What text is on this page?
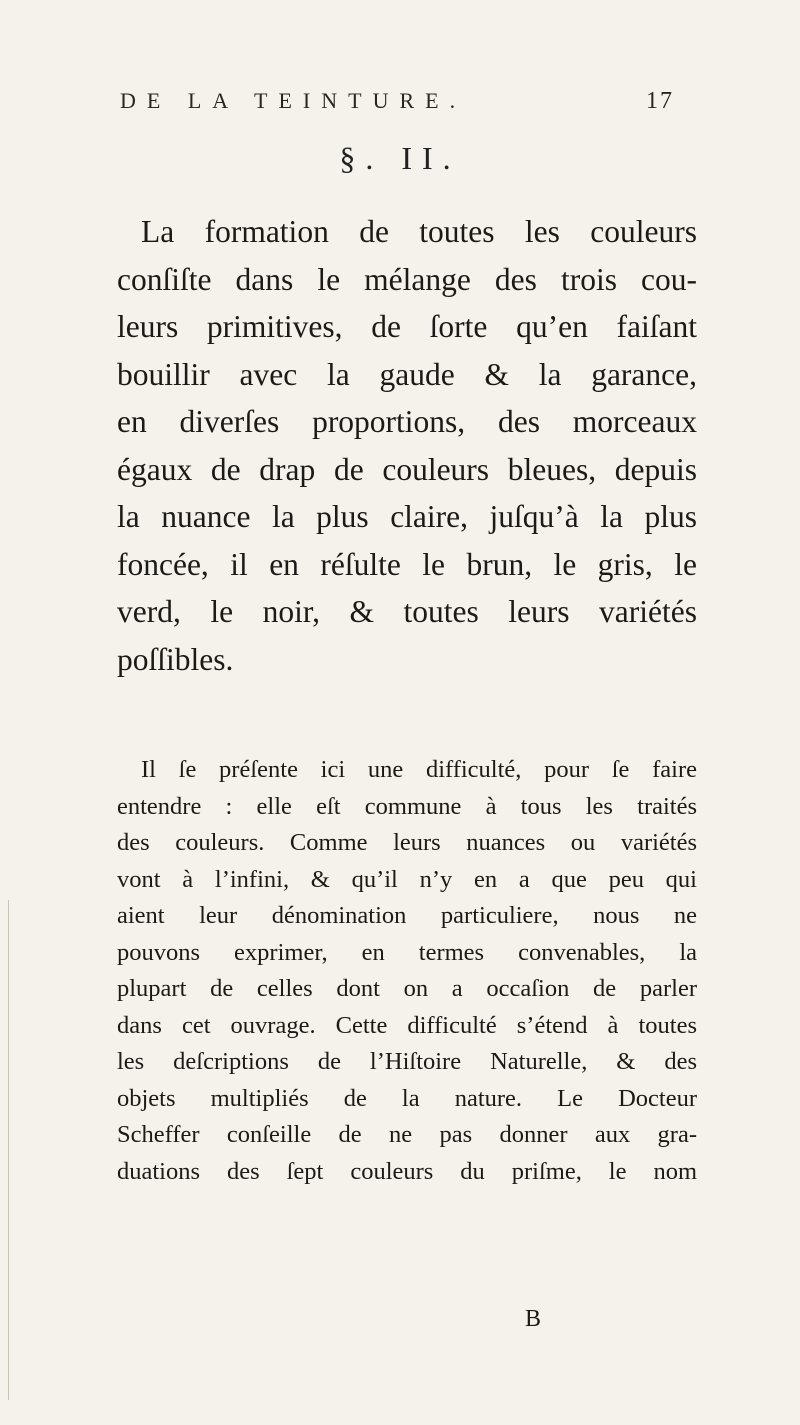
DE LA TEINTURE.	17
§. II.
La formation de toutes les couleurs
conſiſte dans le mélange des trois cou-
leurs primitives, de ſorte qu’en faiſant
bouillir avec la gaude & la garance,
en diverſes proportions, des morceaux
égaux de drap de couleurs bleues, depuis
la nuance la plus claire, juſqu’à la plus
foncée, il en réſulte le brun, le gris, le
verd, le noir, & toutes leurs variétés
poſſibles.
Il ſe préſente ici une difficulté, pour ſe faire
entendre : elle eſt commune à tous les traités
des couleurs. Comme leurs nuances ou variétés
vont à l’infini, & qu’il n’y en a que peu qui
aient leur dénomination particuliere, nous ne
pouvons exprimer, en termes convenables, la
plupart de celles dont on a occaſion de parler
dans cet ouvrage. Cette difficulté s’étend à toutes
les deſcriptions de l’Hiſtoire Naturelle, & des
objets multipliés de la nature. Le Docteur
Scheffer conſeille de ne pas donner aux gra-
duations des ſept couleurs du priſme, le nom
B
